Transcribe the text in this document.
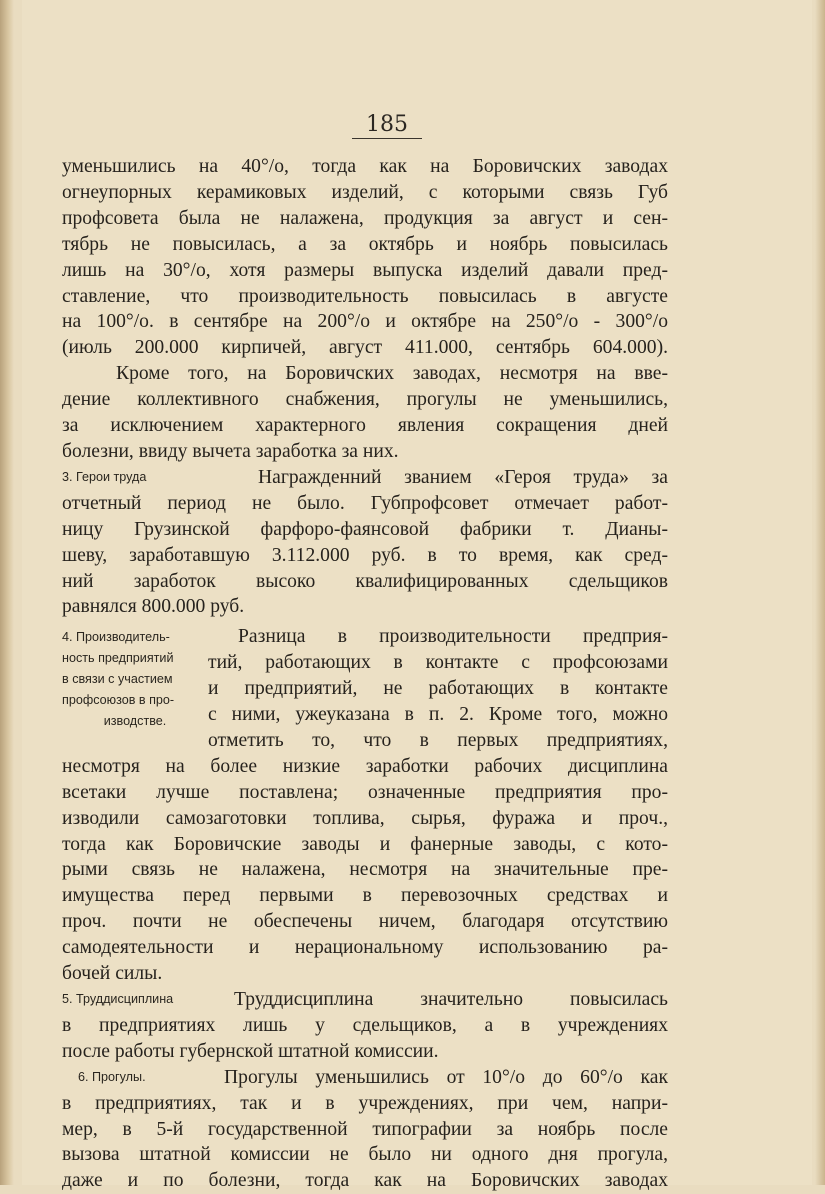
185
уменьшились на 40°/o, тогда как на Боровичских заводах
огнеупорных керамиковых изделий, с которыми связь Губ
профсовета была не налажена, продукция за август и сен-
тябрь не повысилась, а за октябрь и ноябрь повысилась
лишь на 30°/o, хотя размеры выпуска изделий давали пред-
ставление, что производительность повысилась в августе
на 100°/o. в сентябре на 200°/o и октябре на 250°/o - 300°/o
(июль 200.000 кирпичей, август 411.000, сентябрь 604.000).
Кроме того, на Боровичских заводах, несмотря на вве-
дение коллективного снабжения, прогулы не уменьшились,
за исключением характерного явления сокращения дней
болезни, ввиду вычета заработка за них.
3. Герои труда	Награжденний званием «Героя труда» за
отчетный период не было. Губпрофсовет отмечает работ-
ницу Грузинской фарфоро-фаянсовой фабрики т. Дианы-
шеву, заработавшую 3.112.000 руб. в то время, как сред-
ний заработок высоко квалифицированных сдельщиков
равнялся 800.000 руб.
4. Производитель-
ность предприятий
в связи с участием
профсоюзов в про-
изводстве.
Разница в производительности предприя-
тий, работающих в контакте с профсоюзами
и предприятий, не работающих в контакте
с ними, ужеуказана в п. 2. Кроме того, можно
отметить то, что в первых предприятиях,
несмотря на более низкие заработки рабочих дисциплина
всетаки лучше поставлена; означенные предприятия про-
изводили самозаготовки топлива, сырья, фуража и проч.,
тогда как Боровичские заводы и фанерные заводы, с кото-
рыми связь не налажена, несмотря на значительные пре-
имущества перед первыми в перевозочных средствах и
проч. почти не обеспечены ничем, благодаря отсутствию
самодеятельности и нерациональному использованию ра-
бочей силы.
5. Труддисциплина	Труддисциплина значительно повысилась
в предприятиях лишь у сдельщиков, а в учреждениях
после работы губернской штатной комиссии.
6. Прогулы.	Прогулы уменьшились от 10°/o до 60°/o как
в предприятиях, так и в учреждениях, при чем, напри-
мер, в 5-й государственной типографии за ноябрь после
вызова штатной комиссии не было ни одного дня прогула,
даже и по болезни, тогда как на Боровичских заводах
